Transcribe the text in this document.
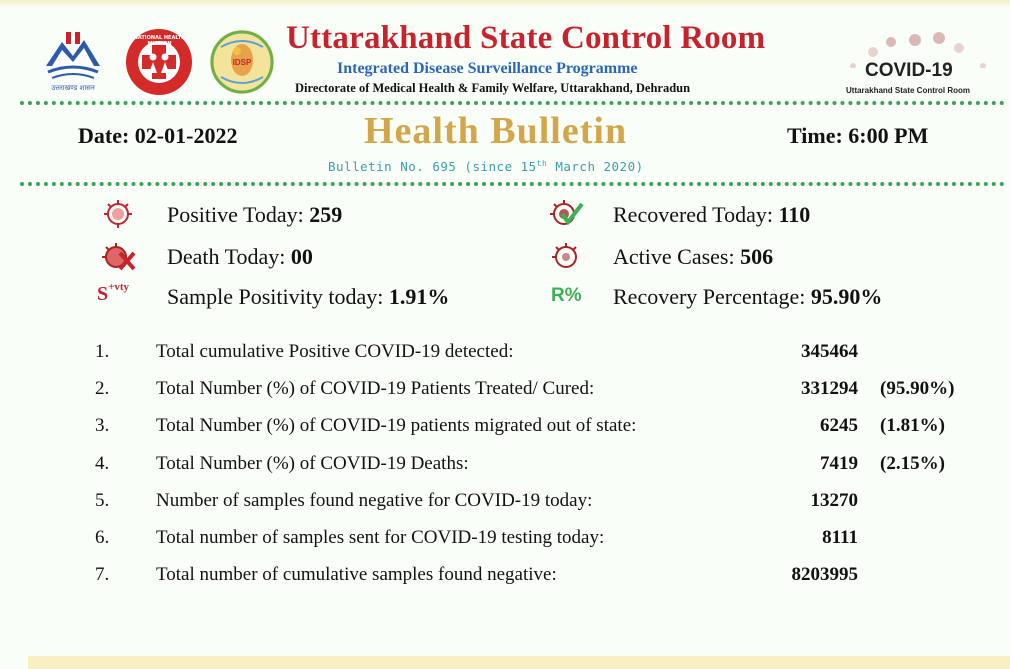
उत्तराखण्ड शासन
NATIONAL HEALTH MISSION
IDSP
Uttarakhand State Control Room
Integrated Disease Surveillance Programme
Directorate of Medical Health & Family Welfare, Uttarakhand, Dehradun
COVID-19
Uttarakhand State Control Room
Date: 02-01-2022	Health Bulletin	Time: 6:00 PM
Bulletin No. 695 (since 15th March 2020)
$S^{+vty}$	R%
Positive Today: 259	Recovered Today: 110
Death Today: 00	Active Cases: 506
Sample Positivity today: 1.91%	Recovery Percentage: 95.90%
1. Total cumulative Positive COVID-19 detected:	345464
2. Total Number (%) of COVID-19 Patients Treated/ Cured:	331294 (95.90%)
3. Total Number (%) of COVID-19 patients migrated out of state:	6245 (1.81%)
4. Total Number (%) of COVID-19 Deaths:	7419 (2.15%)
5. Number of samples found negative for COVID-19 today:	13270
6. Total number of samples sent for COVID-19 testing today:	8111
7. Total number of cumulative samples found negative:	8203995
